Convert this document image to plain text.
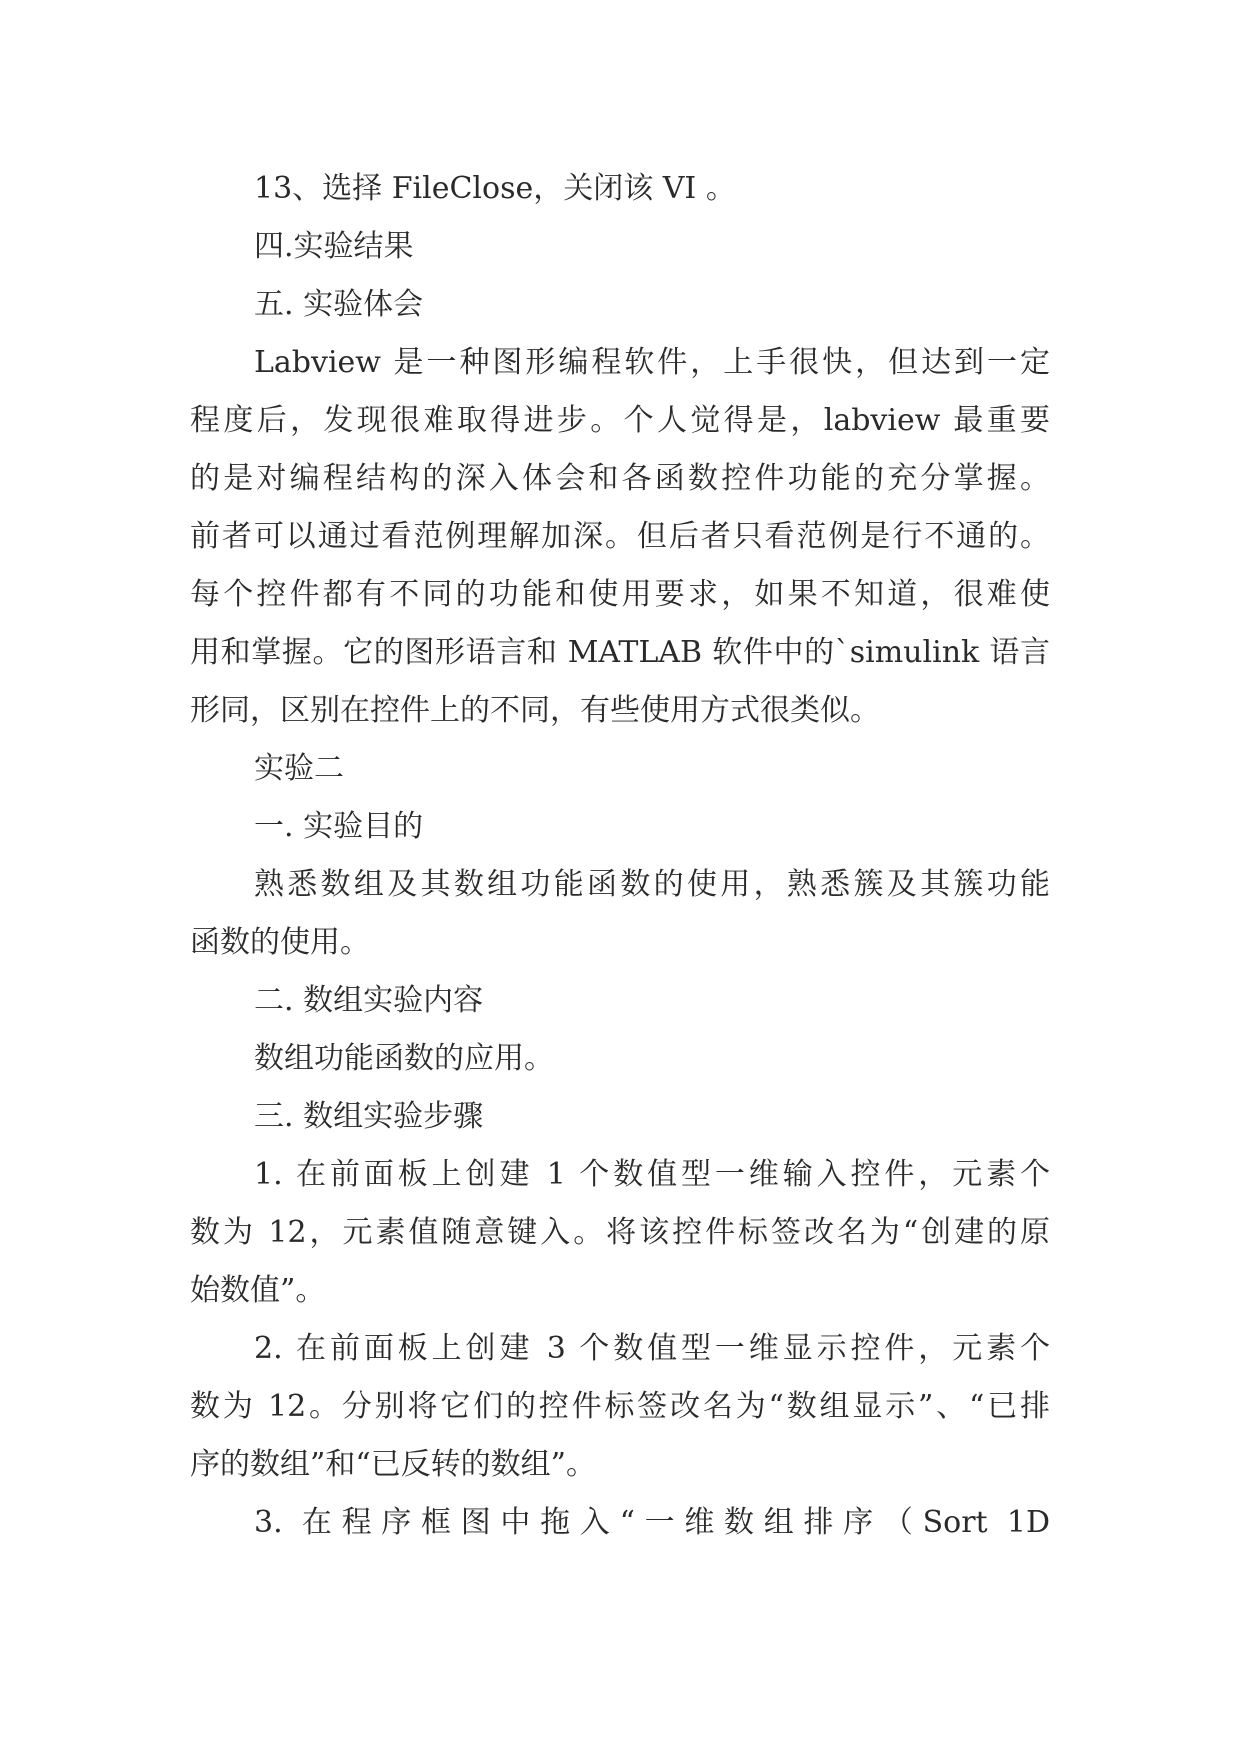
13、选择 FileClose，关闭该 VI 。
四.实验结果
五. 实验体会
Labview 是一种图形编程软件，上手很快，但达到一定
程度后，发现很难取得进步。个人觉得是，labview 最重要
的是对编程结构的深入体会和各函数控件功能的充分掌握。
前者可以通过看范例理解加深。但后者只看范例是行不通的。
每个控件都有不同的功能和使用要求，如果不知道，很难使
用和掌握。它的图形语言和 MATLAB 软件中的`simulink 语言
形同，区别在控件上的不同，有些使用方式很类似。
实验二
一. 实验目的
熟悉数组及其数组功能函数的使用，熟悉簇及其簇功能
函数的使用。
二. 数组实验内容
数组功能函数的应用。
三. 数组实验步骤
1. 在前面板上创建 1 个数值型一维输入控件，元素个
数为 12，元素值随意键入。将该控件标签改名为“创建的原
始数值”。
2. 在前面板上创建 3 个数值型一维显示控件，元素个
数为 12。分别将它们的控件标签改名为“数组显示”、“已排
序的数组”和“已反转的数组”。
3. 在程序框图中拖入“一维数组排序（Sort 1D
